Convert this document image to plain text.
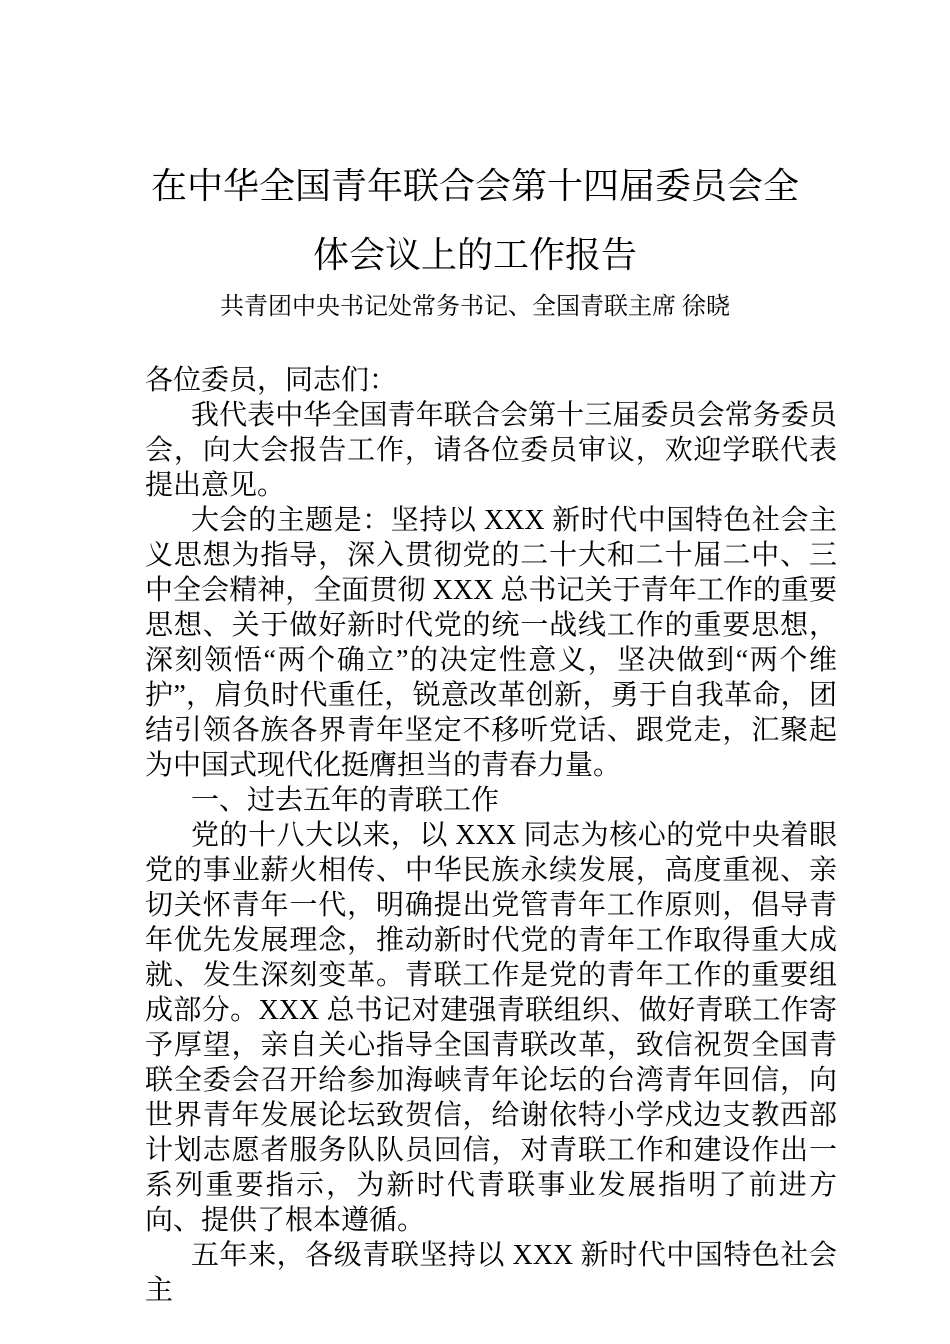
在中华全国青年联合会第十四届委员会全体会议上的工作报告
共青团中央书记处常务书记、全国青联主席 徐晓

各位委员，同志们：

我代表中华全国青年联合会第十三届委员会常务委员会，向大会报告工作，请各位委员审议，欢迎学联代表提出意见。

大会的主题是：坚持以 XXX 新时代中国特色社会主义思想为指导，深入贯彻党的二十大和二十届二中、三中全会精神，全面贯彻 XXX 总书记关于青年工作的重要思想、关于做好新时代党的统一战线工作的重要思想，深刻领悟“两个确立”的决定性意义，坚决做到“两个维护”，肩负时代重任，锐意改革创新，勇于自我革命，团结引领各族各界青年坚定不移听党话、跟党走，汇聚起为中国式现代化挺膺担当的青春力量。

一、过去五年的青联工作

党的十八大以来，以 XXX 同志为核心的党中央着眼党的事业薪火相传、中华民族永续发展，高度重视、亲切关怀青年一代，明确提出党管青年工作原则，倡导青年优先发展理念，推动新时代党的青年工作取得重大成就、发生深刻变革。青联工作是党的青年工作的重要组成部分。XXX 总书记对建强青联组织、做好青联工作寄予厚望，亲自关心指导全国青联改革，致信祝贺全国青联全委会召开给参加海峡青年论坛的台湾青年回信，向世界青年发展论坛致贺信，给谢依特小学戍边支教西部计划志愿者服务队队员回信，对青联工作和建设作出一系列重要指示，为新时代青联事业发展指明了前进方向、提供了根本遵循。

五年来，各级青联坚持以 XXX 新时代中国特色社会主
